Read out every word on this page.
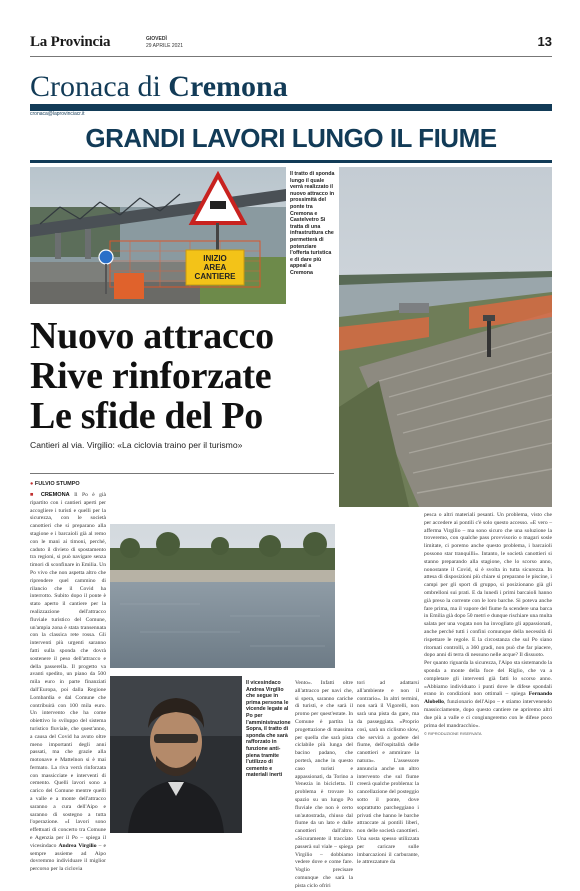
La Provincia	GIOVEDÌ
29 APRILE 2021	13
Cronaca di Cremona
cronaca@laprovinciacr.it
GRANDI LAVORI LUNGO IL FIUME
INIZIO
AREA
CANTIERE
Il tratto di sponda lungo il quale verrà realizzato il nuovo attracco in prossimità del ponte tra Cremona e Castelvetro Si tratta di una infrastruttura che permetterà di potenziare l'offerta turistica e di dare più appeal a Cremona
Nuovo attracco
Rive rinforzate
Le sfide del Po
Cantieri al via. Virgilio: «La ciclovia traino per il turismo»
● FULVIO STUMPO

■ CREMONA Il Po è già ripartito con i cantieri aperti per accogliere i turisti e quelli per la sicurezza, con le società canottieri che si preparano alla stagione e i barcaioli già al remo con le mani ai timoni, perché, caduto il divieto di spostamento tra regioni, si può navigare senza timori di sconfinare in Emilia. Un Po vivo che non aspetta altro che riprendere quel cammino di rilancio che il Covid ha interrotto. Subito dopo il ponte è stato aperto il cantiere per la realizzazione dell'attracco fluviale turistico del Comune, un'ampia zona è stata transennata con la classica rete rossa. Gli interventi più urgenti saranno fatti sulla sponda che dovrà sostenere il peso dell'attracco e della passerella. Il progetto va avanti spedito, un piano da 500 mila euro in parte finanziati dall'Europa, poi dalla Regione Lombardia e dal Comune che contribuirà con 100 mila euro. Un intervento che ha come obiettivo lo sviluppo del sistema turistico fluviale, che quest'anno, a causa del Covid ha avuto oltre meno importanti degli anni passati, ma che grazie alla motonave e Mattelnon si è mai fermato. La riva verrà rinforzata con massicciate e interventi di cemento. Quelli lavori sono a carico del Comune mentre quelli a valle e a monte dell'attracco saranno a cura dell'Aipo e saranno di sostegno a tutta l'operazione. «I lavori sono effettuati di concerto tra Comune e Agenzia per il Po – spiega il vicesindaco Andrea Virgilio – e sempre assieme ad Aipo dovremmo individuare il miglior percorso per la ciclovia

Il vicesindaco Andrea Virgilio che segue in prima persona le vicende legate al Po per l'amministrazione Sopra, il tratto di sponda che sarà rafforzato in funzione anti-piena tramite l'utilizzo di cemento e materiali inerti

Vento». Infatti oltre all'attracco per navi che, si spera, saranno cariche di turisti, e che sarà il promo per quest'estate. In Comune è partita la progettazione di massima per quella che sarà pista ciclabile più lunga del bacino padano, che porterà, anche in questo caso turisti e appassionati, da Torino a Venezia in bicicletta. Il problema è trovare lo spazio su un lungo Po fluviale che non è certo un'autostrada, chiuso dal fiume da un lato e dalle canottieri dall'altro. «Sicuramente il tracciato passerà sul viale – spiega Virgilio – dobbiamo vedere dove e come fare. Voglio precisare comunque che sarà la pista ciclo ofriri

tori ad adattarsi all'ambiente e non il contrario». In altri termini, non sarà il Vigorelli, non sarà una pista da gare, ma da passeggiata. «Proprio così, sarà un ciclismo slow, che servirà a godere del fiume, dell'ospitalità delle canottieri e ammirare la natura». L'assessore annuncia anche un altro intervento che sul fiume creerà qualche problema: la cancellazione del posteggio sotto il ponte, dove soprattutto parcheggiano i privati che hanno le barche attraccate ai pontili liberi, non delle società canottieri. Una sosta spesso utilizzata per caricare sulle imbarcazioni il carburante, le attrezzature da

pesca o altri materiali pesanti. Un problema, visto che per accedere ai pontili c'è solo questo accesso. «E vero – afferma Virgilio – ma sono sicuro che una soluzione la troveremo, con qualche pass provvisorio o magari sosle limitate, ci poremo anche questo problema, i barcaioli possono star tranquilli». Intanto, le società canottieri si stanno preparando alla stagione, che lo scorso anno, nonostante il Covid, si è svolta in tutta sicurezza. In attesa di disposizioni più chiare si preparano le piscine, i campi per gli sport di gruppo, si posizionano già gli ombrelloni sui prati. E da lunedì i primi barcaioli hanno già preso la corrente con le loro barche. Si poteva anche fare prima, ma il vapore del fiume fa scendere una barca in Emilia già dopo 50 metri e dunque rischiare una multa salata per una vogata non ha invogliato gli appassionati, anche perché tutti i confini comunque della necessità di rispettare le regole. E la circostanza che sul Po siano ritornati controlli, a 360 gradi, non può che far piacere, dopo anni di terra di nessuno nelle acque? Il dissuoto.

Per quanto riguarda la sicurezza, l'Aipo sta sistemando la sponda a monte della foce del Riglio, che va a completare gli interventi già fatti lo scorso anno. «Abbiamo individuato i punti dove le difese spondali erano in condizioni non ottimali – spiega Fernando Alobello, funzionario dell'Aipo – e stiamo intervenendo massicciamente, dopo questo cantiere ne apriremo altri due più a valle e ci congiungeremo con le difese poco prima del mandracchio».

© RIPRODUZIONE RISERVATA
